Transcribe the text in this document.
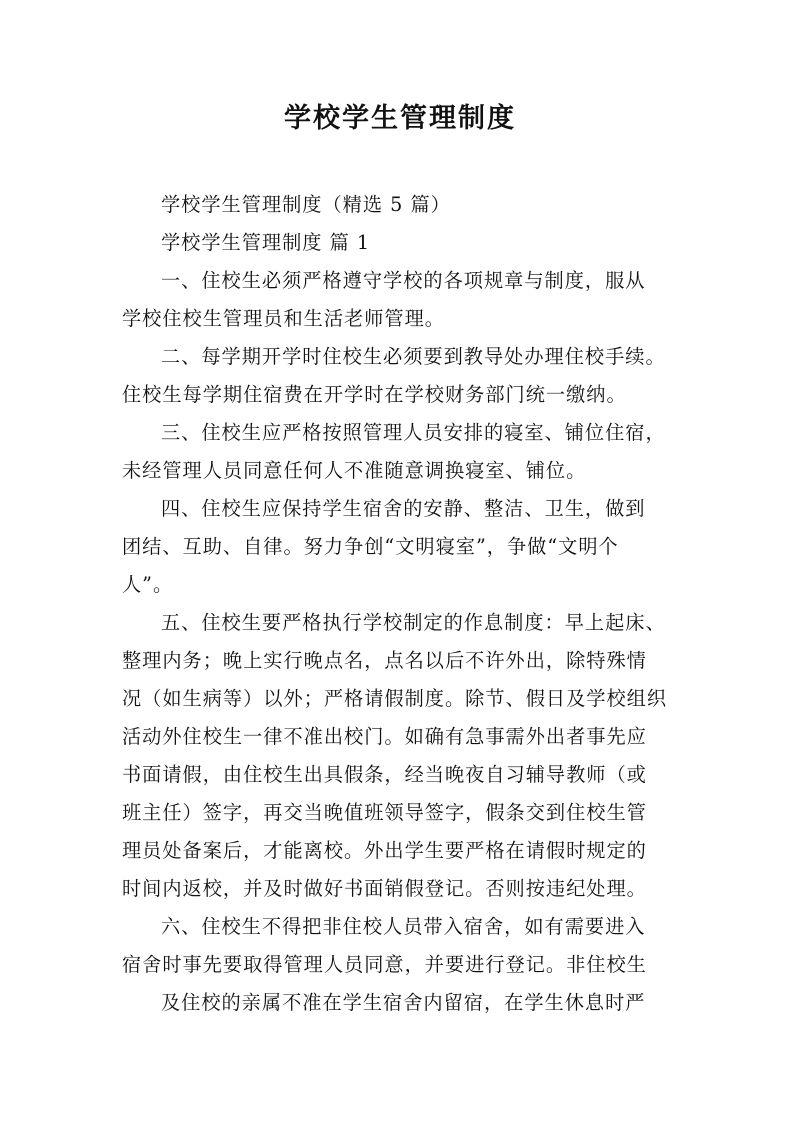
学校学生管理制度
学校学生管理制度（精选 5 篇）
学校学生管理制度 篇 1
一、住校生必须严格遵守学校的各项规章与制度，服从
学校住校生管理员和生活老师管理。
二、每学期开学时住校生必须要到教导处办理住校手续。
住校生每学期住宿费在开学时在学校财务部门统一缴纳。
三、住校生应严格按照管理人员安排的寝室、铺位住宿，
未经管理人员同意任何人不准随意调换寝室、铺位。
四、住校生应保持学生宿舍的安静、整洁、卫生，做到
团结、互助、自律。努力争创“文明寝室”，争做“文明个
人”。
五、住校生要严格执行学校制定的作息制度：早上起床、
整理内务；晚上实行晚点名，点名以后不许外出，除特殊情
况（如生病等）以外；严格请假制度。除节、假日及学校组织
活动外住校生一律不准出校门。如确有急事需外出者事先应
书面请假，由住校生出具假条，经当晚夜自习辅导教师（或
班主任）签字，再交当晚值班领导签字，假条交到住校生管
理员处备案后，才能离校。外出学生要严格在请假时规定的
时间内返校，并及时做好书面销假登记。否则按违纪处理。
六、住校生不得把非住校人员带入宿舍，如有需要进入
宿舍时事先要取得管理人员同意，并要进行登记。非住校生
及住校的亲属不准在学生宿舍内留宿，在学生休息时严
